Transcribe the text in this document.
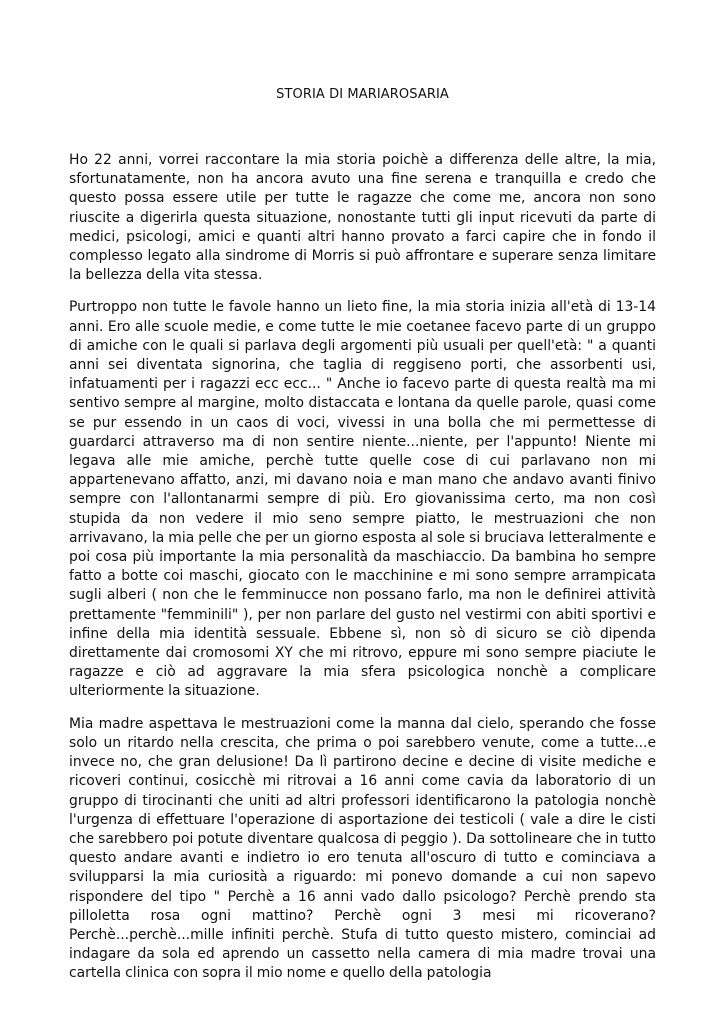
STORIA DI MARIAROSARIA

Ho 22 anni, vorrei raccontare la mia storia poichè a differenza delle altre, la mia, sfortunatamente, non ha ancora avuto una fine serena e tranquilla e credo che questo possa essere utile per tutte le ragazze che come me, ancora non sono riuscite a digerirla questa situazione, nonostante tutti gli input ricevuti da parte di medici, psicologi, amici e quanti altri hanno provato a farci capire che in fondo il complesso legato alla sindrome di Morris si può affrontare e superare senza limitare la bellezza della vita stessa.

Purtroppo non tutte le favole hanno un lieto fine, la mia storia inizia all'età di 13-14 anni. Ero alle scuole medie, e come tutte le mie coetanee facevo parte di un gruppo di amiche con le quali si parlava degli argomenti più usuali per quell'età: " a quanti anni sei diventata signorina, che taglia di reggiseno porti, che assorbenti usi, infatuamenti per i ragazzi ecc ecc... " Anche io facevo parte di questa realtà ma mi sentivo sempre al margine, molto distaccata e lontana da quelle parole, quasi come se pur essendo in un caos di voci, vivessi in una bolla che mi permettesse di guardarci attraverso ma di non sentire niente...niente, per l'appunto! Niente mi legava alle mie amiche, perchè tutte quelle cose di cui parlavano non mi appartenevano affatto, anzi, mi davano noia e man mano che andavo avanti finivo sempre con l'allontanarmi sempre di più. Ero giovanissima certo, ma non così stupida da non vedere il mio seno sempre piatto, le mestruazioni che non arrivavano, la mia pelle che per un giorno esposta al sole si bruciava letteralmente e poi cosa più importante la mia personalità da maschiaccio. Da bambina ho sempre fatto a botte coi maschi, giocato con le macchinine e mi sono sempre arrampicata sugli alberi ( non che le femminucce non possano farlo, ma non le definirei attività prettamente "femminili" ), per non parlare del gusto nel vestirmi con abiti sportivi e infine della mia identità sessuale. Ebbene sì, non sò di sicuro se ciò dipenda direttamente dai cromosomi XY che mi ritrovo, eppure mi sono sempre piaciute le ragazze e ciò ad aggravare la mia sfera psicologica nonchè a complicare ulteriormente la situazione.

Mia madre aspettava le mestruazioni come la manna dal cielo, sperando che fosse solo un ritardo nella crescita, che prima o poi sarebbero venute, come a tutte...e invece no, che gran delusione! Da lì partirono decine e decine di visite mediche e ricoveri continui, cosicchè mi ritrovai a 16 anni come cavia da laboratorio di un gruppo di tirocinanti che uniti ad altri professori identificarono la patologia nonchè l'urgenza di effettuare l'operazione di asportazione dei testicoli ( vale a dire le cisti che sarebbero poi potute diventare qualcosa di peggio ). Da sottolineare che in tutto questo andare avanti e indietro io ero tenuta all'oscuro di tutto e cominciava a svilupparsi la mia curiosità a riguardo: mi ponevo domande a cui non sapevo rispondere del tipo " Perchè a 16 anni vado dallo psicologo? Perchè prendo sta pilloletta rosa ogni mattino? Perchè ogni 3 mesi mi ricoverano? Perchè...perchè...mille infiniti perchè. Stufa di tutto questo mistero, cominciai ad indagare da sola ed aprendo un cassetto nella camera di mia madre trovai una cartella clinica con sopra il mio nome e quello della patologia
